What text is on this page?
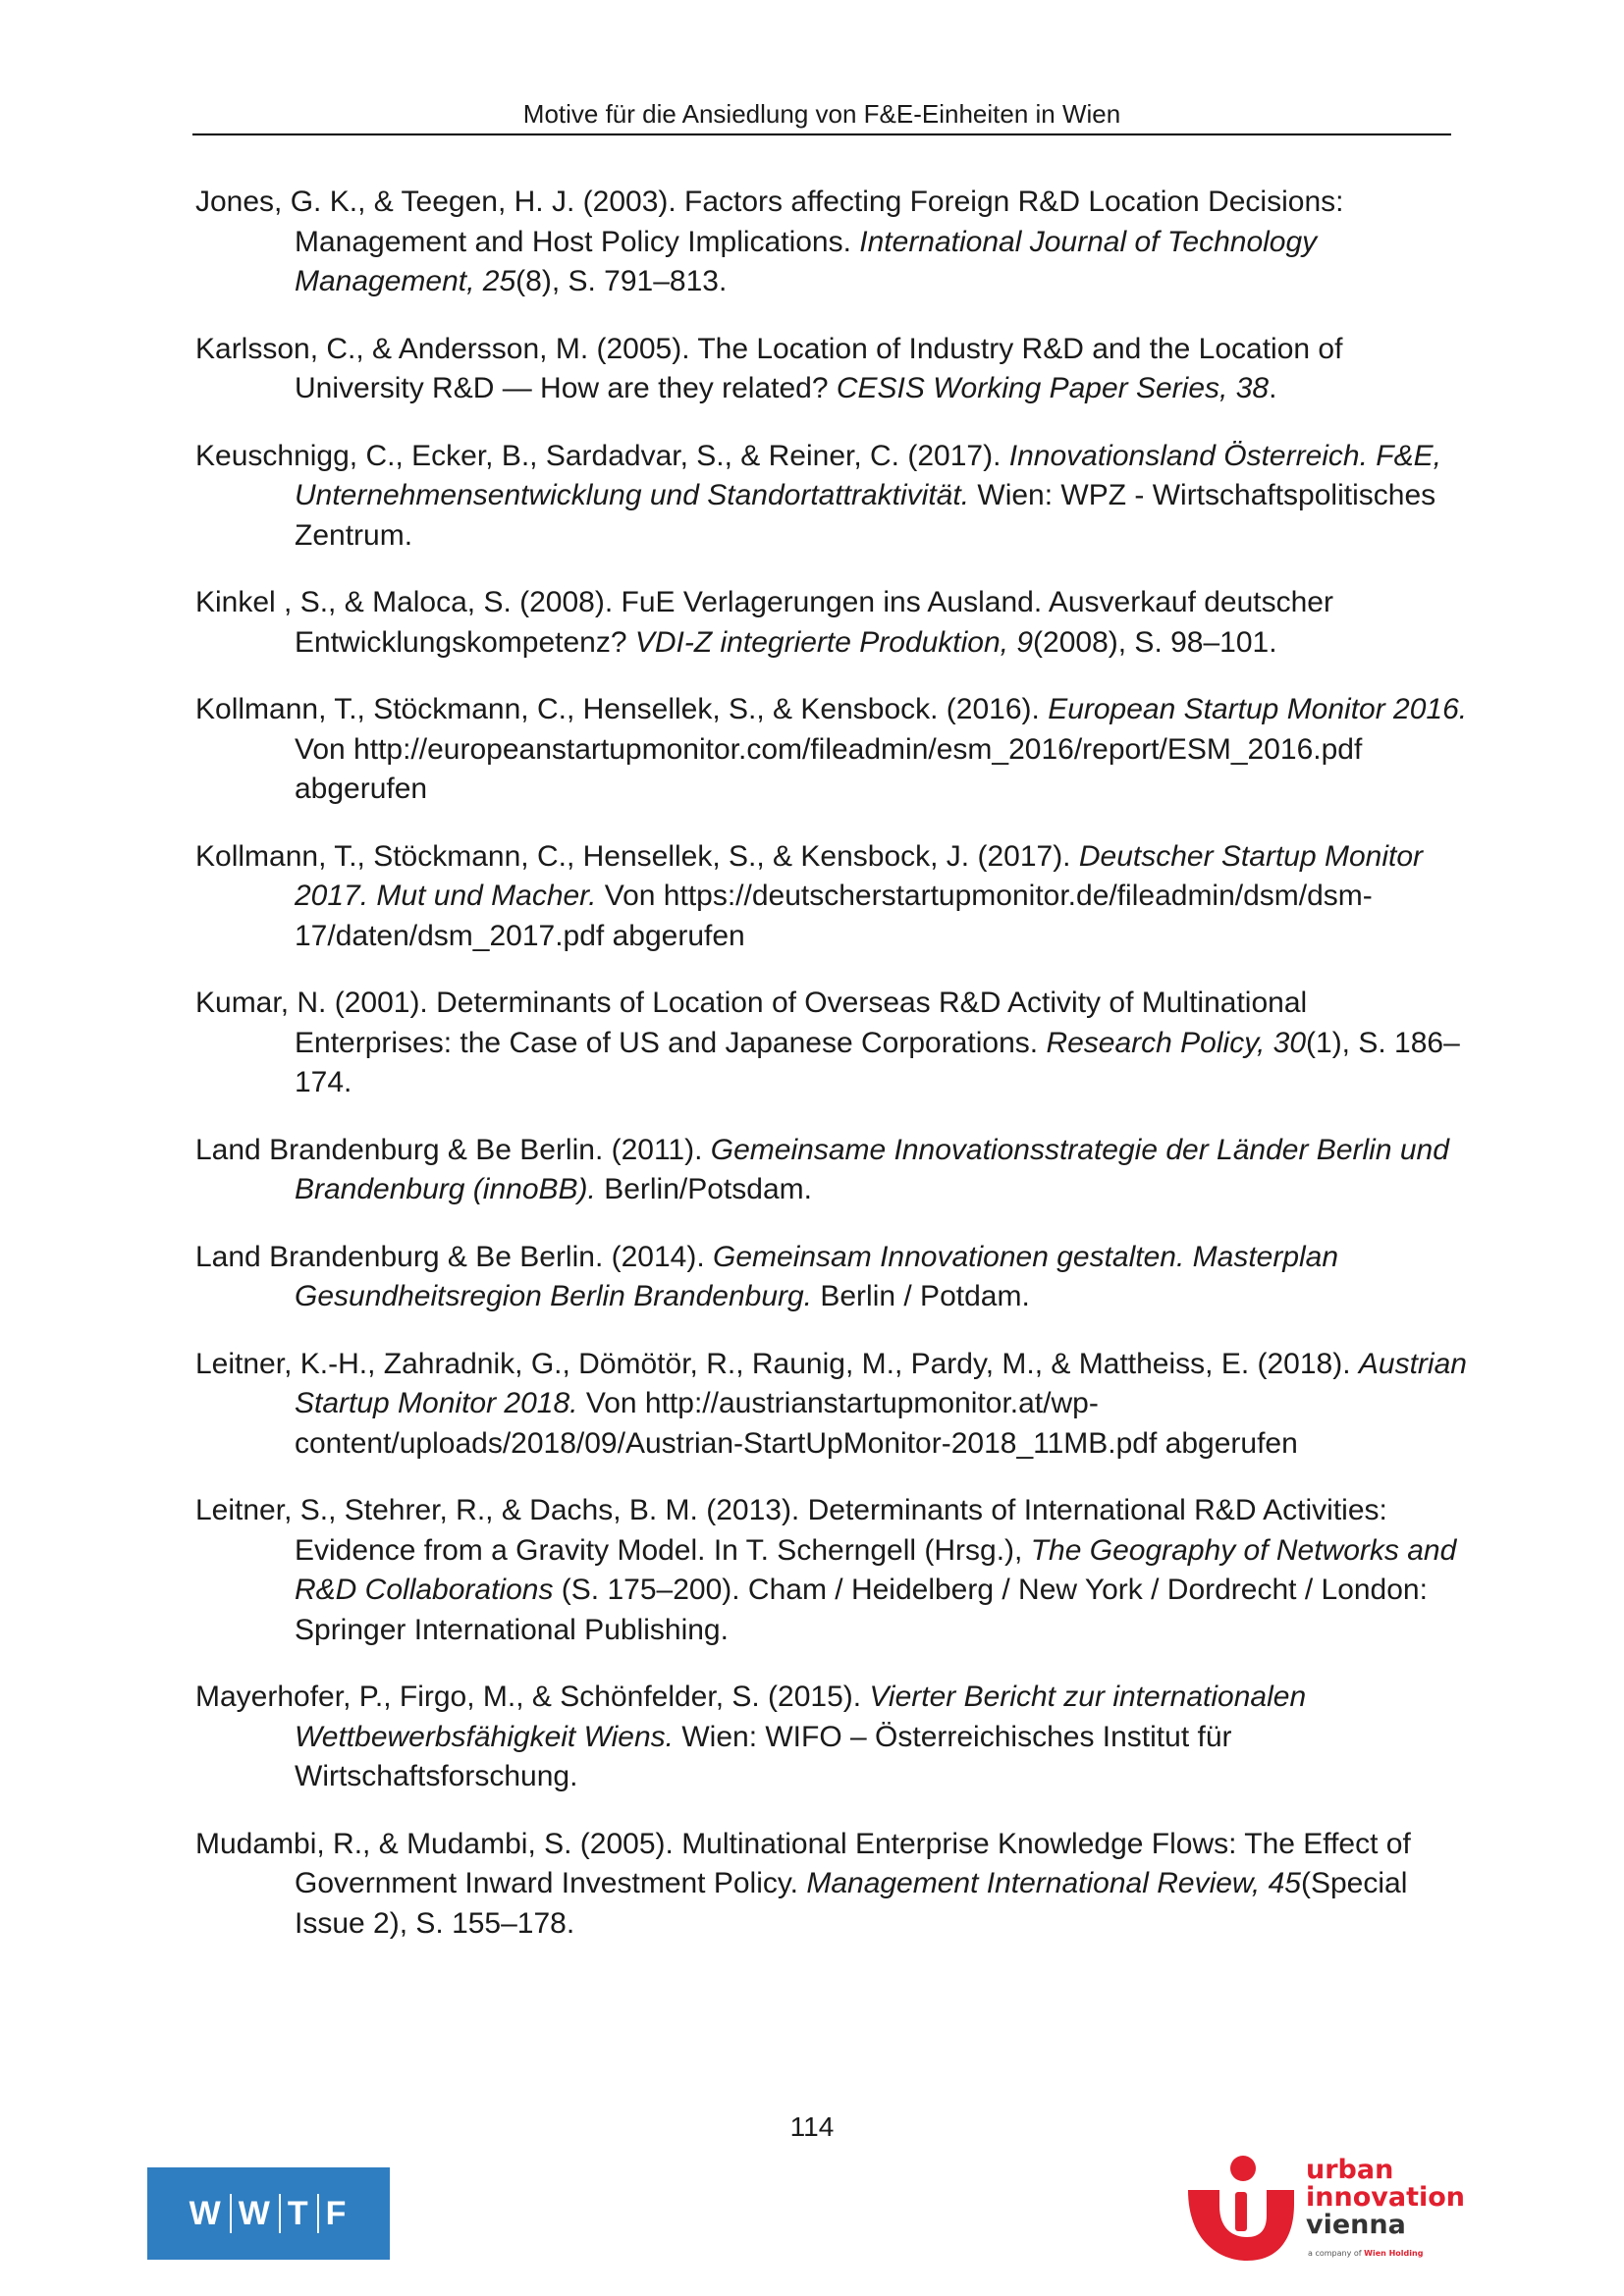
Motive für die Ansiedlung von F&E-Einheiten in Wien

Jones, G. K., & Teegen, H. J. (2003). Factors affecting Foreign R&D Location Decisions: Management and Host Policy Implications. International Journal of Technology Management, 25(8), S. 791–813.

Karlsson, C., & Andersson, M. (2005). The Location of Industry R&D and the Location of University R&D — How are they related? CESIS Working Paper Series, 38.

Keuschnigg, C., Ecker, B., Sardadvar, S., & Reiner, C. (2017). Innovationsland Österreich. F&E, Unternehmensentwicklung und Standortattraktivität. Wien: WPZ - Wirtschaftspolitisches Zentrum.

Kinkel , S., & Maloca, S. (2008). FuE Verlagerungen ins Ausland. Ausverkauf deutscher Entwicklungskompetenz? VDI-Z integrierte Produktion, 9(2008), S. 98–101.

Kollmann, T., Stöckmann, C., Hensellek, S., & Kensbock. (2016). European Startup Monitor 2016. Von http://europeanstartupmonitor.com/fileadmin/esm_2016/report/ESM_2016.pdf abgerufen

Kollmann, T., Stöckmann, C., Hensellek, S., & Kensbock, J. (2017). Deutscher Startup Monitor 2017. Mut und Macher. Von https://deutscherstartupmonitor.de/fileadmin/dsm/dsm-17/daten/dsm_2017.pdf abgerufen

Kumar, N. (2001). Determinants of Location of Overseas R&D Activity of Multinational Enterprises: the Case of US and Japanese Corporations. Research Policy, 30(1), S. 186–174.

Land Brandenburg & Be Berlin. (2011). Gemeinsame Innovationsstrategie der Länder Berlin und Brandenburg (innoBB). Berlin/Potsdam.

Land Brandenburg & Be Berlin. (2014). Gemeinsam Innovationen gestalten. Masterplan Gesundheitsregion Berlin Brandenburg. Berlin / Potdam.

Leitner, K.-H., Zahradnik, G., Dömötör, R., Raunig, M., Pardy, M., & Mattheiss, E. (2018). Austrian Startup Monitor 2018. Von http://austrianstartupmonitor.at/wp-content/uploads/2018/09/Austrian-StartUpMonitor-2018_11MB.pdf abgerufen

Leitner, S., Stehrer, R., & Dachs, B. M. (2013). Determinants of International R&D Activities: Evidence from a Gravity Model. In T. Scherngell (Hrsg.), The Geography of Networks and R&D Collaborations (S. 175–200). Cham / Heidelberg / New York / Dordrecht / London: Springer International Publishing.

Mayerhofer, P., Firgo, M., & Schönfelder, S. (2015). Vierter Bericht zur internationalen Wettbewerbsfähigkeit Wiens. Wien: WIFO – Österreichisches Institut für Wirtschaftsforschung.

Mudambi, R., & Mudambi, S. (2005). Multinational Enterprise Knowledge Flows: The Effect of Government Inward Investment Policy. Management International Review, 45(Special Issue 2), S. 155–178.

114
W W T F
urban
innovation
vienna
a company of Wien Holding
